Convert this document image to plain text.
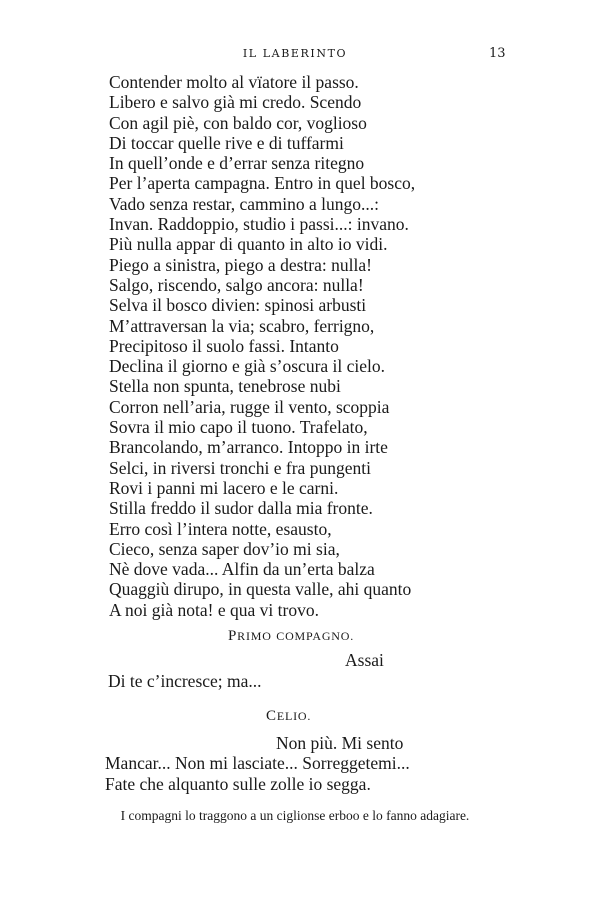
IL LABERINTO	13
Contender molto al vïatore il passo.
Libero e salvo già mi credo. Scendo
Con agil piè, con baldo cor, voglioso
Di toccar quelle rive e di tuffarmi
In quell’onde e d’errar senza ritegno
Per l’aperta campagna. Entro in quel bosco,
Vado senza restar, cammino a lungo...:
Invan. Raddoppio, studio i passi...: invano.
Più nulla appar di quanto in alto io vidi.
Piego a sinistra, piego a destra: nulla!
Salgo, riscendo, salgo ancora: nulla!
Selva il bosco divien: spinosi arbusti
M’attraversan la via; scabro, ferrigno,
Precipitoso il suolo fassi. Intanto
Declina il giorno e già s’oscura il cielo.
Stella non spunta, tenebrose nubi
Corron nell’aria, rugge il vento, scoppia
Sovra il mio capo il tuono. Trafelato,
Brancolando, m’arranco. Intoppo in irte
Selci, in riversi tronchi e fra pungenti
Rovi i panni mi lacero e le carni.
Stilla freddo il sudor dalla mia fronte.
Erro così l’intera notte, esausto,
Cieco, senza saper dov’io mi sia,
Nè dove vada... Alfin da un’erta balza
Quaggiù dirupo, in questa valle, ahi quanto
A noi già nota! e qua vi trovo.
PRIMO COMPAGNO.
Assai
Di te c’incresce; ma...
CELIO.
Non più. Mi sento
Mancar... Non mi lasciate... Sorreggetemi...
Fate che alquanto sulle zolle io segga.
I compagni lo traggono a un ciglionse erboo e lo fanno adagiare.
